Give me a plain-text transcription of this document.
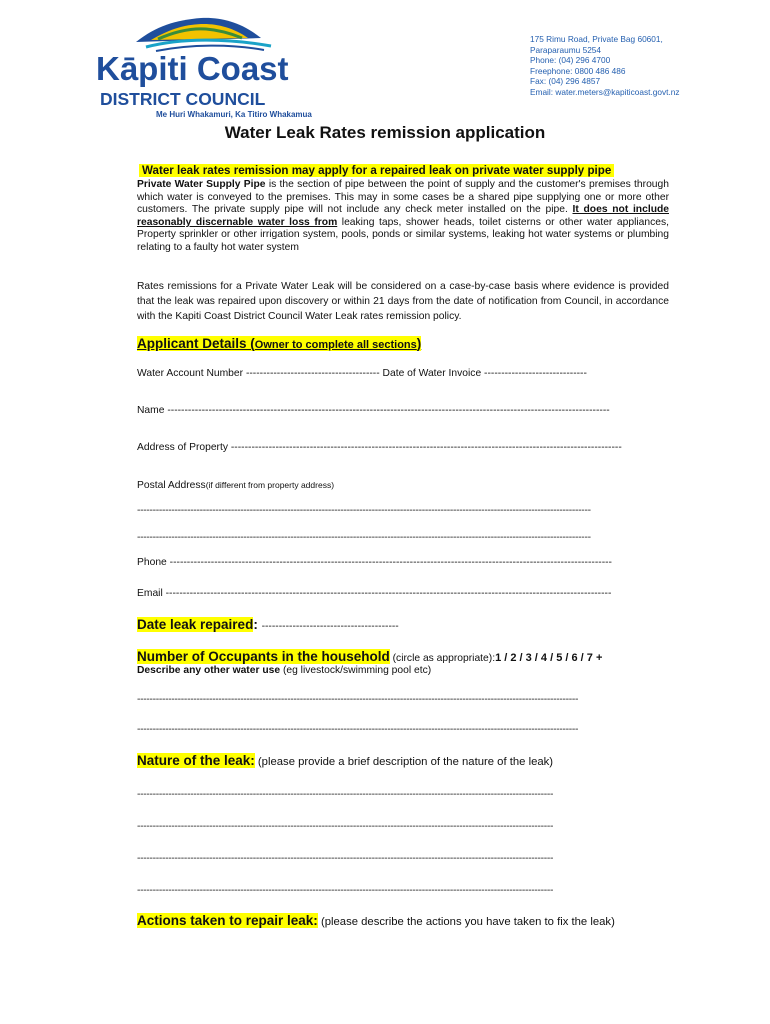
Kāpiti Coast
DISTRICT COUNCIL
Me Huri Whakamuri, Ka Titiro Whakamua
175 Rimu Road, Private Bag 60601,
Paraparaumu 5254
Phone: (04) 296 4700
Freephone: 0800 486 486
Fax: (04) 296 4857
Email: water.meters@kapiticoast.govt.nz
Water Leak Rates remission application
Water leak rates remission may apply for a repaired leak on private water supply pipe
Private Water Supply Pipe is the section of pipe between the point of supply and the customer's premises through which water is conveyed to the premises. This may in some cases be a shared pipe supplying one or more other customers. The private supply pipe will not include any check meter installed on the pipe. It does not include reasonably discernable water loss from leaking taps, shower heads, toilet cisterns or other water appliances, Property sprinkler or other irrigation system, pools, ponds or similar systems, leaking hot water systems or plumbing relating to a faulty hot water system
Rates remissions for a Private Water Leak will be considered on a case-by-case basis where evidence is provided that the leak was repaired upon discovery or within 21 days from the date of notification from Council, in accordance with the Kapiti Coast District Council Water Leak rates remission policy.
Applicant Details (Owner to complete all sections)
Water Account Number --------------------------------------- Date of Water Invoice ------------------------------
Name ---------------------------------------------------------------------------------------------------------------------------------
Address of Property ------------------------------------------------------------------------------------------------------------------
Postal Address(if different from property address)
-------------------------------------------------------------------------------------------------------------------------------------------------
-------------------------------------------------------------------------------------------------------------------------------------------------
Phone ---------------------------------------------------------------------------------------------------------------------------------
Email ----------------------------------------------------------------------------------------------------------------------------------
Date leak repaired: ----------------------------------------
Number of Occupants in the household (circle as appropriate):1 / 2 / 3 / 4 / 5 / 6 / 7 +
Describe any other water use (eg livestock/swimming pool etc)
---------------------------------------------------------------------------------------------------------------------------------------------
---------------------------------------------------------------------------------------------------------------------------------------------
Nature of the leak: (please provide a brief description of the nature of the leak)
-------------------------------------------------------------------------------------------------------------------------------------
-------------------------------------------------------------------------------------------------------------------------------------
-------------------------------------------------------------------------------------------------------------------------------------
-------------------------------------------------------------------------------------------------------------------------------------
Actions taken to repair leak: (please describe the actions you have taken to fix the leak)
